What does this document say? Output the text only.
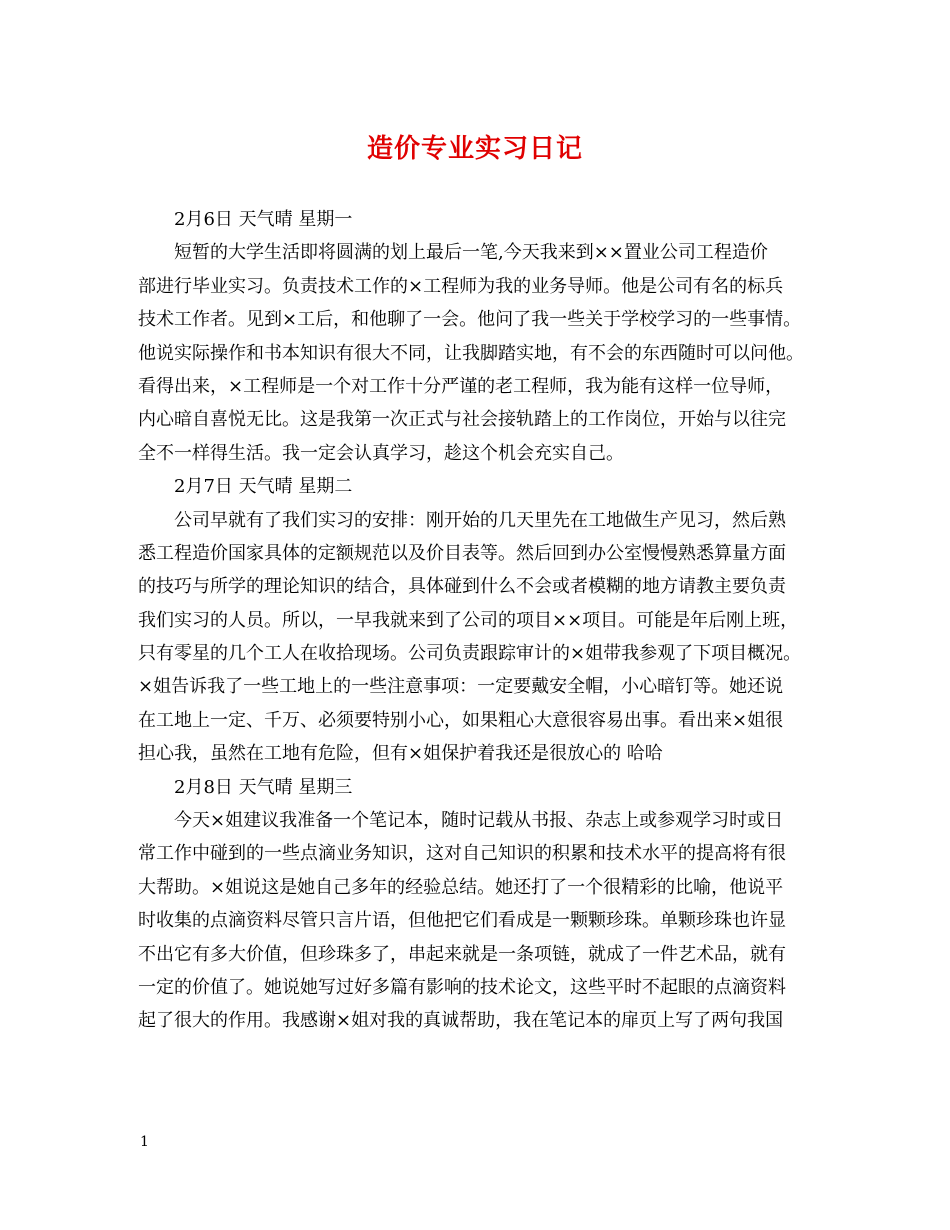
造价专业实习日记
2月6日 天气晴 星期一
短暂的大学生活即将圆满的划上最后一笔,今天我来到××置业公司工程造价
部进行毕业实习。负责技术工作的×工程师为我的业务导师。他是公司有名的标兵
技术工作者。见到×工后，和他聊了一会。他问了我一些关于学校学习的一些事情。
他说实际操作和书本知识有很大不同，让我脚踏实地，有不会的东西随时可以问他。
看得出来，×工程师是一个对工作十分严谨的老工程师，我为能有这样一位导师，
内心暗自喜悦无比。这是我第一次正式与社会接轨踏上的工作岗位，开始与以往完
全不一样得生活。我一定会认真学习，趁这个机会充实自己。
2月7日 天气晴 星期二
公司早就有了我们实习的安排：刚开始的几天里先在工地做生产见习，然后熟
悉工程造价国家具体的定额规范以及价目表等。然后回到办公室慢慢熟悉算量方面
的技巧与所学的理论知识的结合，具体碰到什么不会或者模糊的地方请教主要负责
我们实习的人员。所以，一早我就来到了公司的项目××项目。可能是年后刚上班，
只有零星的几个工人在收拾现场。公司负责跟踪审计的×姐带我参观了下项目概况。
×姐告诉我了一些工地上的一些注意事项：一定要戴安全帽，小心暗钉等。她还说
在工地上一定、千万、必须要特别小心，如果粗心大意很容易出事。看出来×姐很
担心我，虽然在工地有危险，但有×姐保护着我还是很放心的 哈哈
2月8日 天气晴 星期三
今天×姐建议我准备一个笔记本，随时记载从书报、杂志上或参观学习时或日
常工作中碰到的一些点滴业务知识，这对自己知识的积累和技术水平的提高将有很
大帮助。×姐说这是她自己多年的经验总结。她还打了一个很精彩的比喻，他说平
时收集的点滴资料尽管只言片语，但他把它们看成是一颗颗珍珠。单颗珍珠也许显
不出它有多大价值，但珍珠多了，串起来就是一条项链，就成了一件艺术品，就有
一定的价值了。她说她写过好多篇有影响的技术论文，这些平时不起眼的点滴资料
起了很大的作用。我感谢×姐对我的真诚帮助，我在笔记本的扉页上写了两句我国
1
